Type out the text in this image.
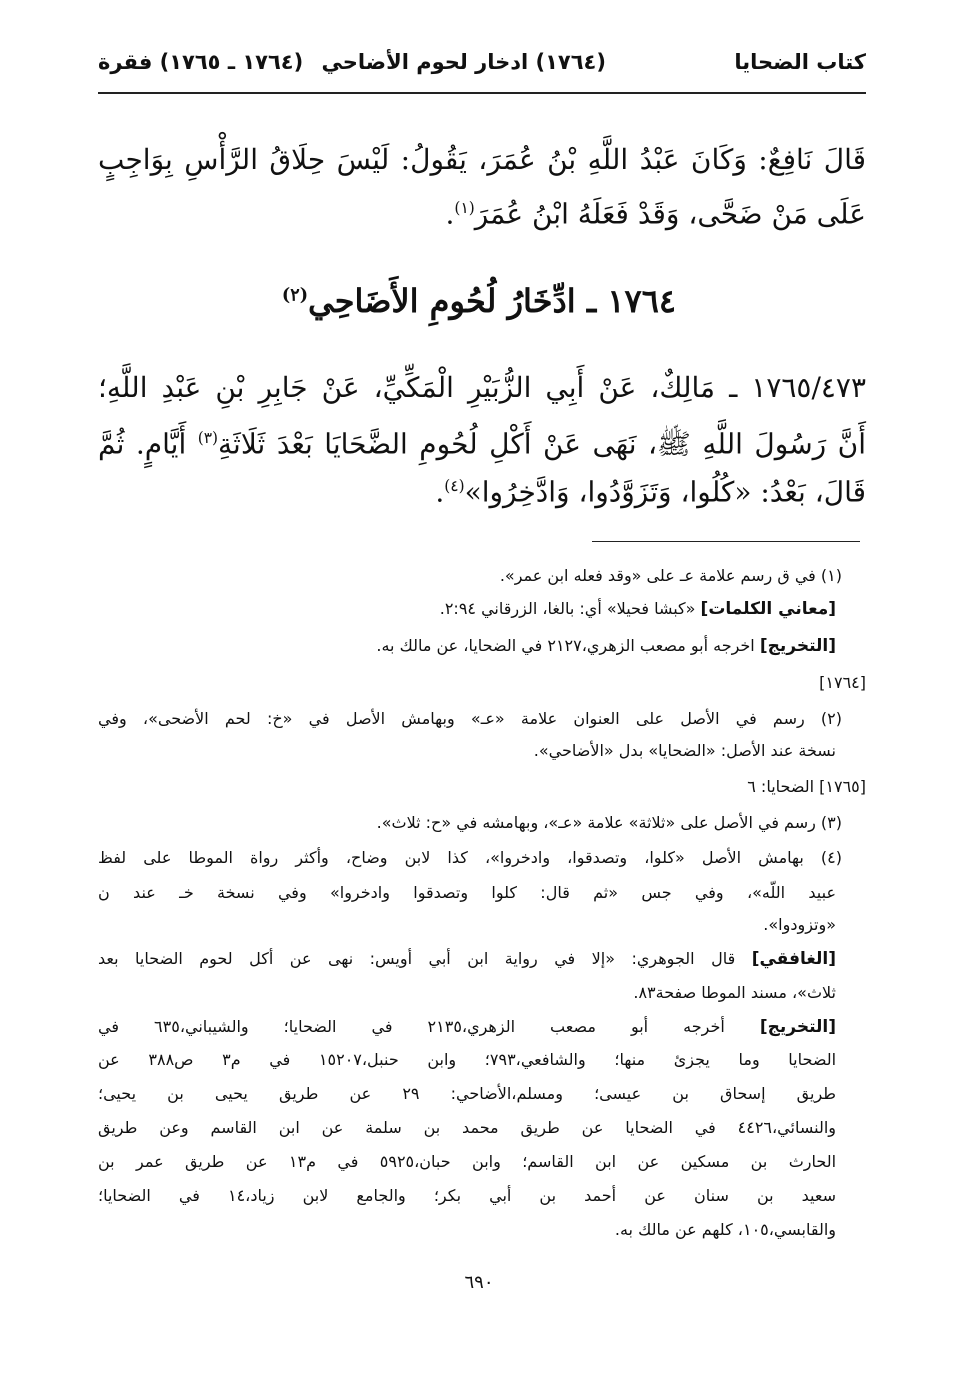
كتاب الضحايا
(١٧٦٤) ادخار لحوم الأضاحي
(١٧٦٤ ـ ١٧٦٥) فقرة
قَالَ نَافِعٌ: وَكَانَ عَبْدُ اللَّهِ بْنُ عُمَرَ، يَقُولُ: لَيْسَ حِلَاقُ الرَّأْسِ بِوَاجِبٍ
عَلَى مَنْ ضَحَّى، وَقَدْ فَعَلَهُ ابْنُ عُمَرَ$^{(١)}$.
١٧٦٤ ـ ادِّخَارُ لُحُومِ الأَضَاحِي$^{(٢)}$
١٧٦٥/٤٧٣ ـ مَالِكٌ، عَنْ أَبِي الزُّبَيْرِ الْمَكِّيِّ، عَنْ جَابِرِ بْنِ عَبْدِ اللَّهِ؛
أَنَّ رَسُولَ اللَّهِ ﷺ، نَهَى عَنْ أَكْلِ لُحُومِ الضَّحَايَا بَعْدَ ثَلَاثَةِ$^{(٣)}$ أَيَّامٍ. ثُمَّ
قَالَ، بَعْدُ: «كُلُوا، وَتَزَوَّدُوا، وَادَّخِرُوا»$^{(٤)}$.
(١) في ق رسم علامة عـ على «وقد فعله ابن عمر».
[معاني الكلمات] «كبشا فحيلا» أي: بالغا، الزرقاني ٢:٩٤.
[التخريج] اخرجه أبو مصعب الزهري،٢١٢٧ في الضحايا، عن مالك به.
[١٧٦٤]
(٢) رسم في الأصل على العنوان علامة «عـ» وبهامش الأصل في «خ: لحم الأضحى»، وفي
نسخة عند الأصل: «الضحايا» بدل «الأضاحي».
[١٧٦٥] الضحايا: ٦
(٣) رسم في الأصل على «ثلاثة» علامة «عـ»، وبهامشه في «ح: ثلاث».
(٤) بهامش الأصل «كلوا، وتصدقوا، وادخروا»، كذا لابن وضاح، وأكثر رواة الموطا على لفظ
عبيد اللّه»، وفي جس «ثم قال: كلوا وتصدقوا وادخروا» وفي نسخة خـ عند ن
«وتزودوا».
[الغافقي] قال الجوهري: «إلا في رواية ابن أبي أويس: نهى عن أكل لحوم الضحايا بعد
ثلاث»، مسند الموطا صفحة٨٣.
[التخريج] أخرجه أبو مصعب الزهري،٢١٣٥ في الضحايا؛ والشيباني،٦٣٥ في
الضحايا وما يجزئ منها؛ والشافعي،٧٩٣؛ وابن حنبل،١٥٢٠٧ في م٣ ص٣٨٨ عن
طريق إسحاق بن عيسى؛ ومسلم،الأضاحي: ٢٩ عن طريق يحيى بن يحيى؛
والنسائي،٤٤٢٦ في الضحايا عن طريق محمد بن سلمة عن ابن القاسم وعن طريق
الحارث بن مسكين عن ابن القاسم؛ وابن حبان،٥٩٢٥ في م١٣ عن طريق عمر بن
سعيد بن سنان عن أحمد بن أبي بكر؛ والجامع لابن زياد،١٤ في الضحايا؛
والقابسي،١٠٥، كلهم عن مالك به.
٦٩٠
